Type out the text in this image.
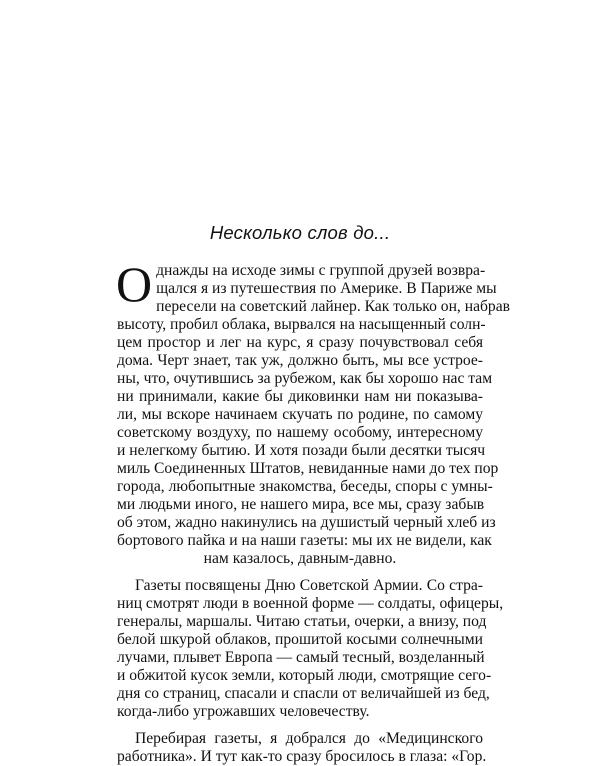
Несколько слов до...
О днажды на исходе зимы с группой друзей возвра-
щался я из путешествия по Америке. В Париже мы
пересели на советский лайнер. Как только он, набрав
высоту, пробил облака, вырвался на насыщенный солн-
цем простор и лег на курс, я сразу почувствовал себя
дома. Черт знает, так уж, должно быть, мы все устрое-
ны, что, очутившись за рубежом, как бы хорошо нас там
ни принимали, какие бы диковинки нам ни показыва-
ли, мы вскоре начинаем скучать по родине, по самому
советскому воздуху, по нашему особому, интересному
и нелегкому бытию. И хотя позади были десятки тысяч
миль Соединенных Штатов, невиданные нами до тех пор
города, любопытные знакомства, беседы, споры с умны-
ми людьми иного, не нашего мира, все мы, сразу забыв
об этом, жадно накинулись на душистый черный хлеб из
бортового пайка и на наши газеты: мы их не видели, как
нам казалось, давным-давно.
Газеты посвящены Дню Советской Армии. Со стра-
ниц смотрят люди в военной форме — солдаты, офицеры,
генералы, маршалы. Читаю статьи, очерки, а внизу, под
белой шкурой облаков, прошитой косыми солнечными
лучами, плывет Европа — самый тесный, возделанный
и обжитой кусок земли, который люди, смотрящие сего-
дня со страниц, спасали и спасли от величайшей из бед,
когда-либо угрожавших человечеству.
Перебирая газеты, я добрался до «Медицинского
работника». И тут как-то сразу бросилось в глаза: «Гор.
